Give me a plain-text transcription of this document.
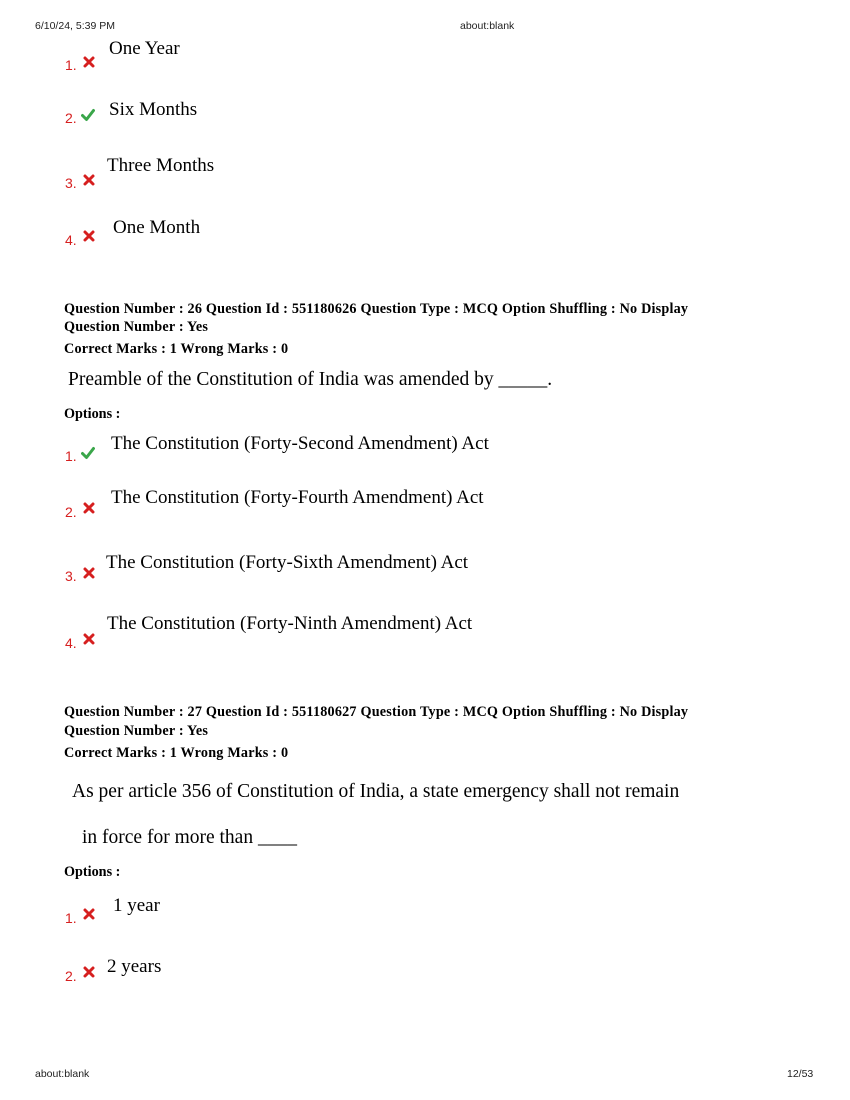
6/10/24, 5:39 PM	about:blank
1.
One Year
2. Six Months
3.
Three Months
4.
One Month
Question Number : 26 Question Id : 551180626 Question Type : MCQ Option Shuffling : No Display
Question Number : Yes
Correct Marks : 1 Wrong Marks : 0
Preamble of the Constitution of India was amended by _____.
Options :
1.
The Constitution (Forty-Second Amendment) Act
2.
The Constitution (Forty-Fourth Amendment) Act
3.
The Constitution (Forty-Sixth Amendment) Act
4.
The Constitution (Forty-Ninth Amendment) Act
Question Number : 27 Question Id : 551180627 Question Type : MCQ Option Shuffling : No Display
Question Number : Yes
Correct Marks : 1 Wrong Marks : 0
As per article 356 of Constitution of India, a state emergency shall not remain
in force for more than ____
Options :
1.
1 year
2. 2 years
about:blank	12/53
